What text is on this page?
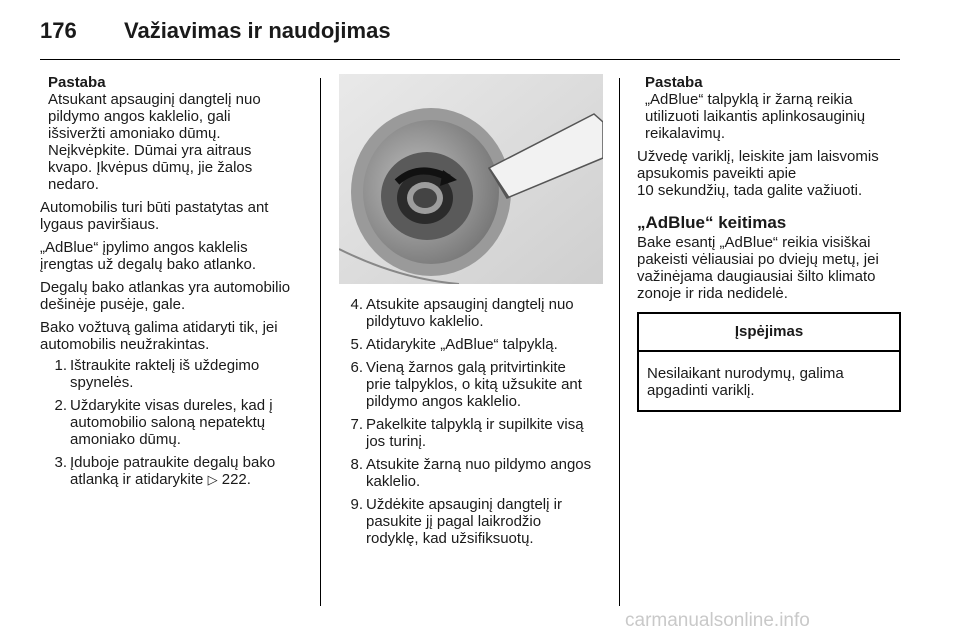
176 Važiavimas ir naudojimas
Pastaba
Atsukant apsauginį dangtelį nuo
pildymo angos kaklelio, gali
išsiveržti amoniako dūmų.
Neįkvėpkite. Dūmai yra aitraus
kvapo. Įkvėpus dūmų, jie žalos
nedaro.

Automobilis turi būti pastatytas ant
lygaus paviršiaus.

„AdBlue“ įpylimo angos kaklelis
įrengtas už degalų bako atlanko.

Degalų bako atlankas yra automobilio
dešinėje pusėje, gale.

Bako vožtuvą galima atidaryti tik, jei
automobilis neužrakintas.

1. Ištraukite raktelį iš uždegimo
spynelės.
2. Uždarykite visas dureles, kad į
automobilio saloną nepatektų
amoniako dūmų.
3. Įduboje patraukite degalų bako
atlanką ir atidarykite ▷ 222.
4. Atsukite apsauginį dangtelį nuo
pildytuvo kaklelio.
5. Atidarykite „AdBlue“ talpyklą.
6. Vieną žarnos galą pritvirtinkite
prie talpyklos, o kitą užsukite ant
pildymo angos kaklelio.
7. Pakelkite talpyklą ir supilkite visą
jos turinį.
8. Atsukite žarną nuo pildymo angos
kaklelio.
9. Uždėkite apsauginį dangtelį ir
pasukite jį pagal laikrodžio
rodyklę, kad užsifiksuotų.
Pastaba
„AdBlue“ talpyklą ir žarną reikia
utilizuoti laikantis aplinkosauginių
reikalavimų.

Užvedę variklį, leiskite jam laisvomis
apsukomis paveikti apie
10 sekundžių, tada galite važiuoti.

„AdBlue“ keitimas

Bake esantį „AdBlue“ reikia visiškai
pakeisti vėliausiai po dviejų metų, jei
važinėjama daugiausiai šilto klimato
zonoje ir rida nedidelė.

Įspėjimas
Nesilaikant nurodymų, galima
apgadinti variklį.
carmanualsonline.info
